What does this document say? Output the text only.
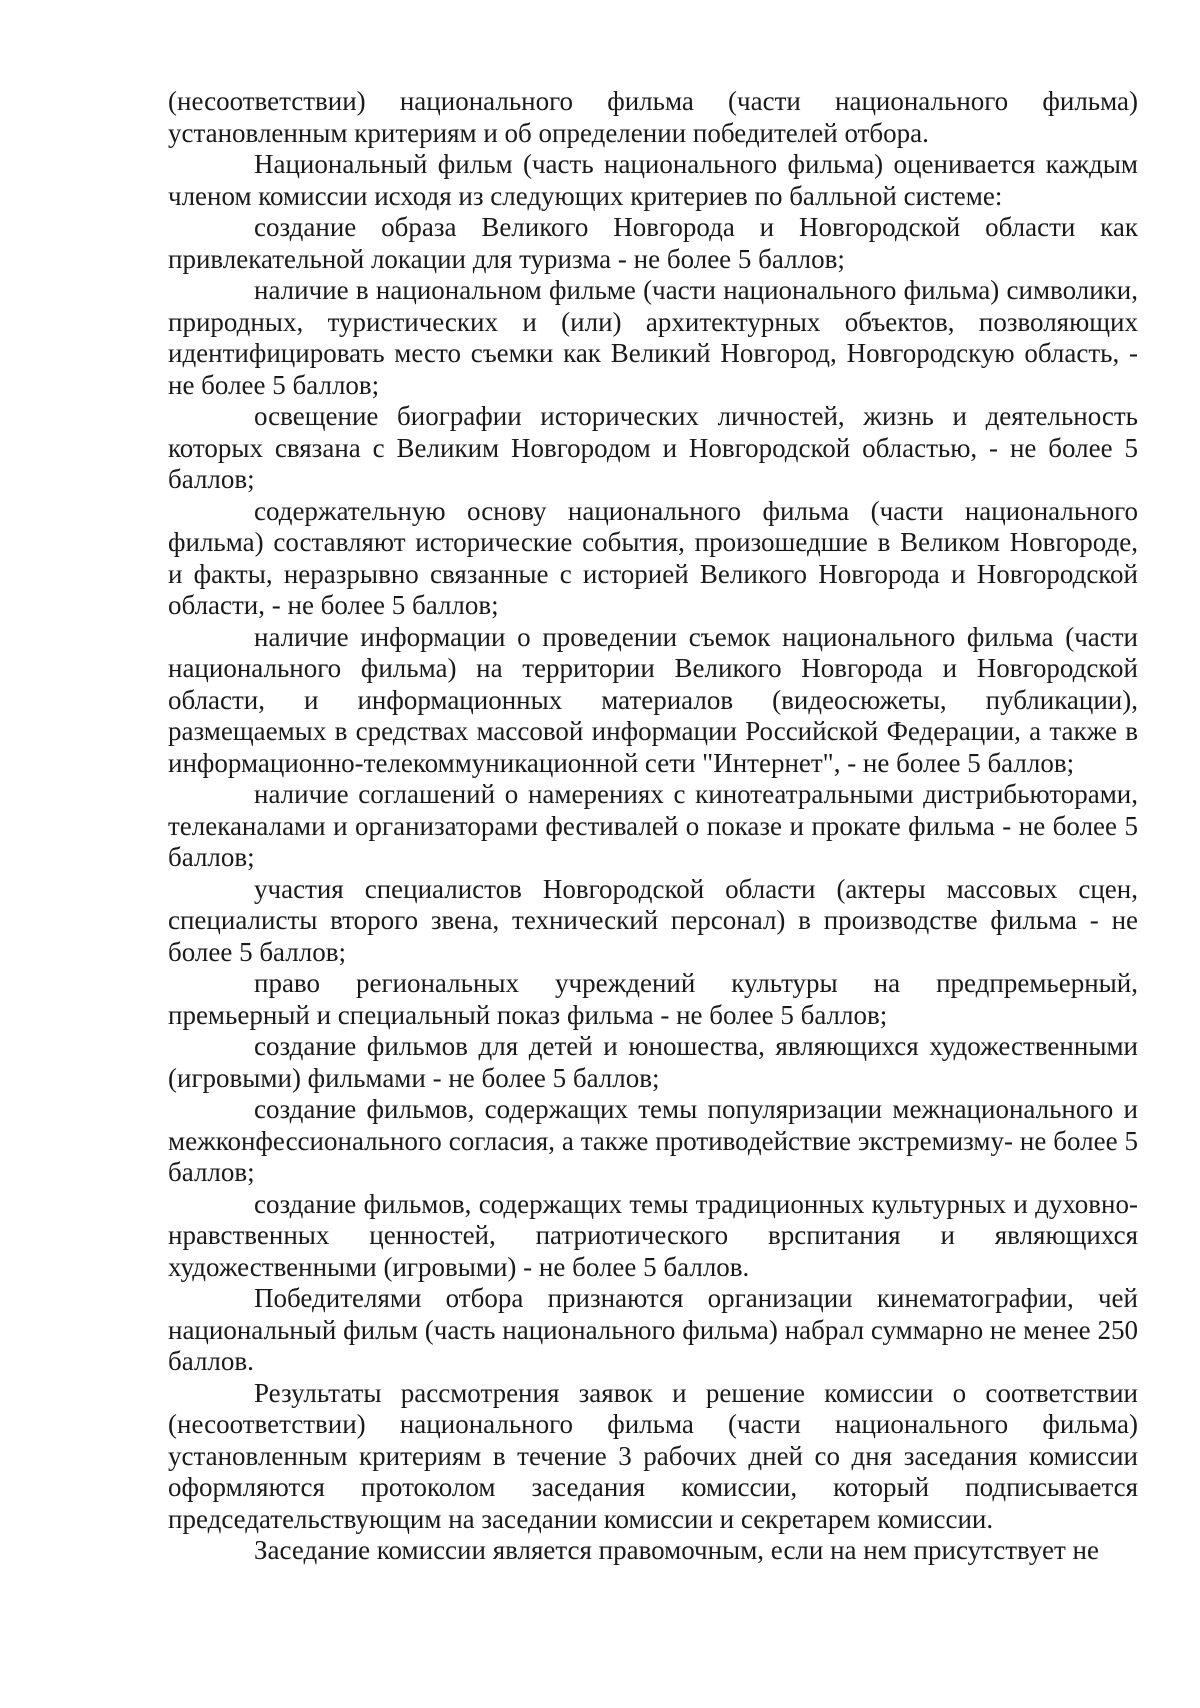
(несоответствии) национального фильма (части национального фильма) установленным критериям и об определении победителей отбора.

Национальный фильм (часть национального фильма) оценивается каждым членом комиссии исходя из следующих критериев по балльной системе:

создание образа Великого Новгорода и Новгородской области как привлекательной локации для туризма - не более 5 баллов;

наличие в национальном фильме (части национального фильма) символики, природных, туристических и (или) архитектурных объектов, позволяющих идентифицировать место съемки как Великий Новгород, Новгородскую область, - не более 5 баллов;

освещение биографии исторических личностей, жизнь и деятельность которых связана с Великим Новгородом и Новгородской областью, - не более 5 баллов;

содержательную основу национального фильма (части национального фильма) составляют исторические события, произошедшие в Великом Новгороде, и факты, неразрывно связанные с историей Великого Новгорода и Новгородской области, - не более 5 баллов;

наличие информации о проведении съемок национального фильма (части национального фильма) на территории Великого Новгорода и Новгородской области, и информационных материалов (видеосюжеты, публикации), размещаемых в средствах массовой информации Российской Федерации, а также в информационно-телекоммуникационной сети "Интернет", - не более 5 баллов;

наличие соглашений о намерениях с кинотеатральными дистрибьюторами, телеканалами и организаторами фестивалей о показе и прокате фильма - не более 5 баллов;

участия специалистов Новгородской области (актеры массовых сцен, специалисты второго звена, технический персонал) в производстве фильма - не более 5 баллов;

право региональных учреждений культуры на предпремьерный, премьерный и специальный показ фильма - не более 5 баллов;

создание фильмов для детей и юношества, являющихся художественными (игровыми) фильмами - не более 5 баллов;

создание фильмов, содержащих темы популяризации межнационального и межконфессионального согласия, а также противодействие экстремизму- не более 5 баллов;

создание фильмов, содержащих темы традиционных культурных и духовно-нравственных ценностей, патриотического врспитания и являющихся художественными (игровыми) - не более 5 баллов.

Победителями отбора признаются организации кинематографии, чей национальный фильм (часть национального фильма) набрал суммарно не менее 250 баллов.

Результаты рассмотрения заявок и решение комиссии о соответствии (несоответствии) национального фильма (части национального фильма) установленным критериям в течение 3 рабочих дней со дня заседания комиссии оформляются протоколом заседания комиссии, который подписывается председательствующим на заседании комиссии и секретарем комиссии.

Заседание комиссии является правомочным, если на нем присутствует не
